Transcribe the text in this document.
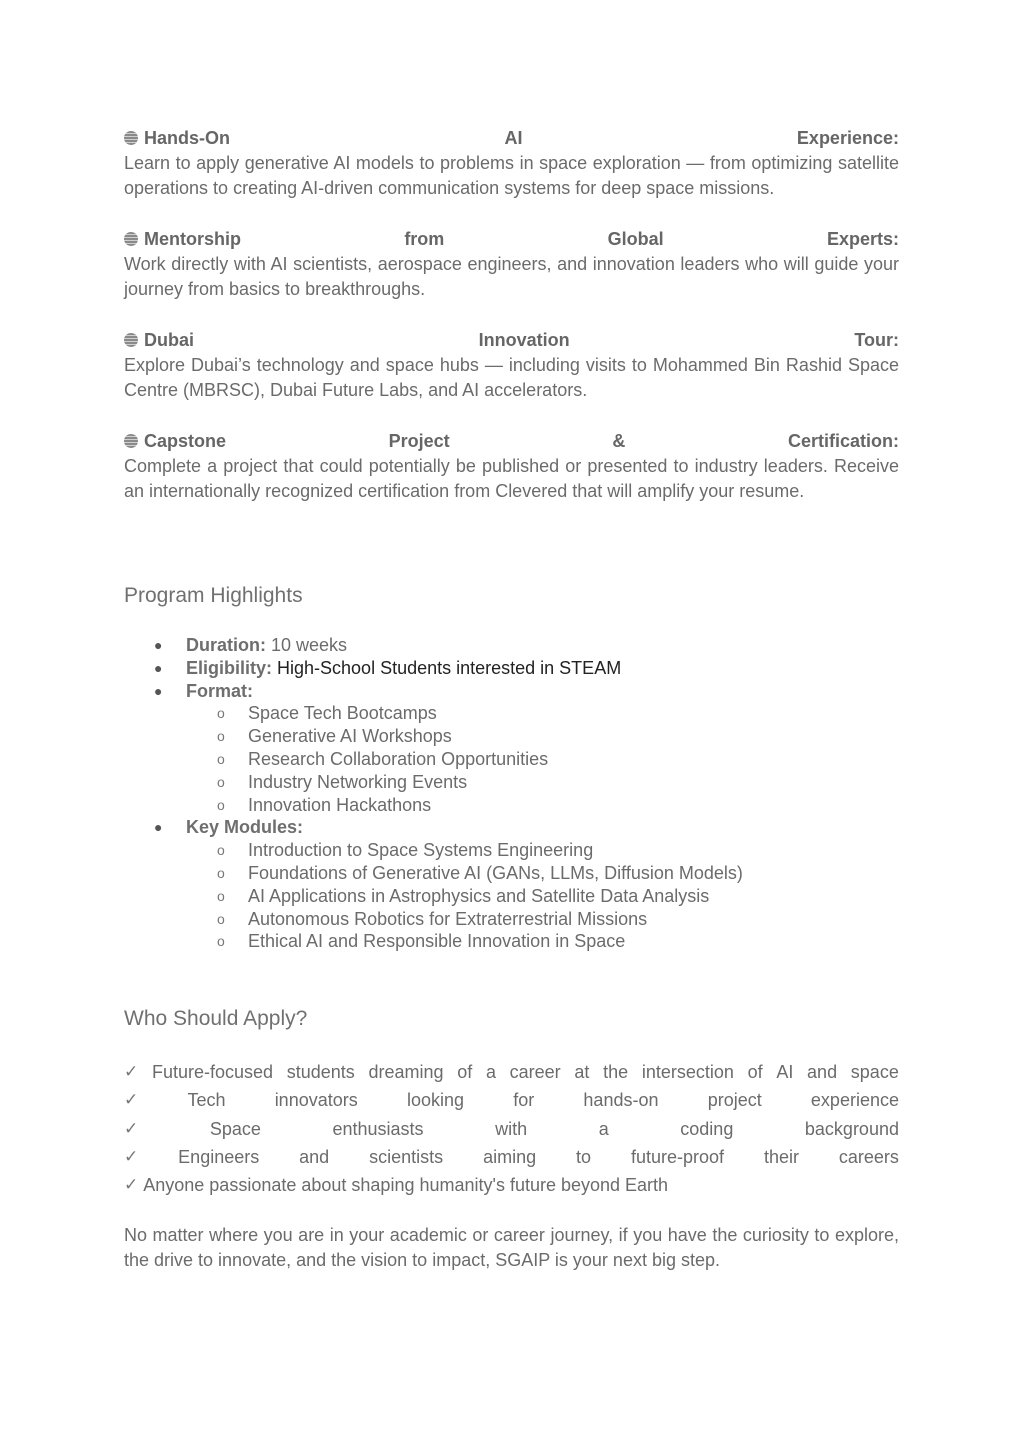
Hands-On	AI	Experience:
Learn to apply generative AI models to problems in space exploration — from optimizing satellite operations to creating AI-driven communication systems for deep space missions.
Mentorship	from	Global	Experts:
Work directly with AI scientists, aerospace engineers, and innovation leaders who will guide your journey from basics to breakthroughs.
Dubai	Innovation	Tour:
Explore Dubai’s technology and space hubs — including visits to Mohammed Bin Rashid Space Centre (MBRSC), Dubai Future Labs, and AI accelerators.
Capstone	Project	&	Certification:
Complete a project that could potentially be published or presented to industry leaders. Receive an internationally recognized certification from Clevered that will amplify your resume.
Program Highlights
● Duration: 10 weeks
● Eligibility: High-School Students interested in STEAM
● Format:
o Space Tech Bootcamps
o Generative AI Workshops
o Research Collaboration Opportunities
o Industry Networking Events
o Innovation Hackathons
● Key Modules:
o Introduction to Space Systems Engineering
o Foundations of Generative AI (GANs, LLMs, Diffusion Models)
o AI Applications in Astrophysics and Satellite Data Analysis
o Autonomous Robotics for Extraterrestrial Missions
o Ethical AI and Responsible Innovation in Space
Who Should Apply?
✓ Future-focused students dreaming of a career at the intersection of AI and space
✓	Tech	innovators	looking	for	hands-on	project	experience
✓	Space	enthusiasts	with	a	coding	background
✓ Engineers and scientists aiming to future-proof their careers
✓ Anyone passionate about shaping humanity's future beyond Earth
No matter where you are in your academic or career journey, if you have the curiosity to explore, the drive to innovate, and the vision to impact, SGAIP is your next big step.
